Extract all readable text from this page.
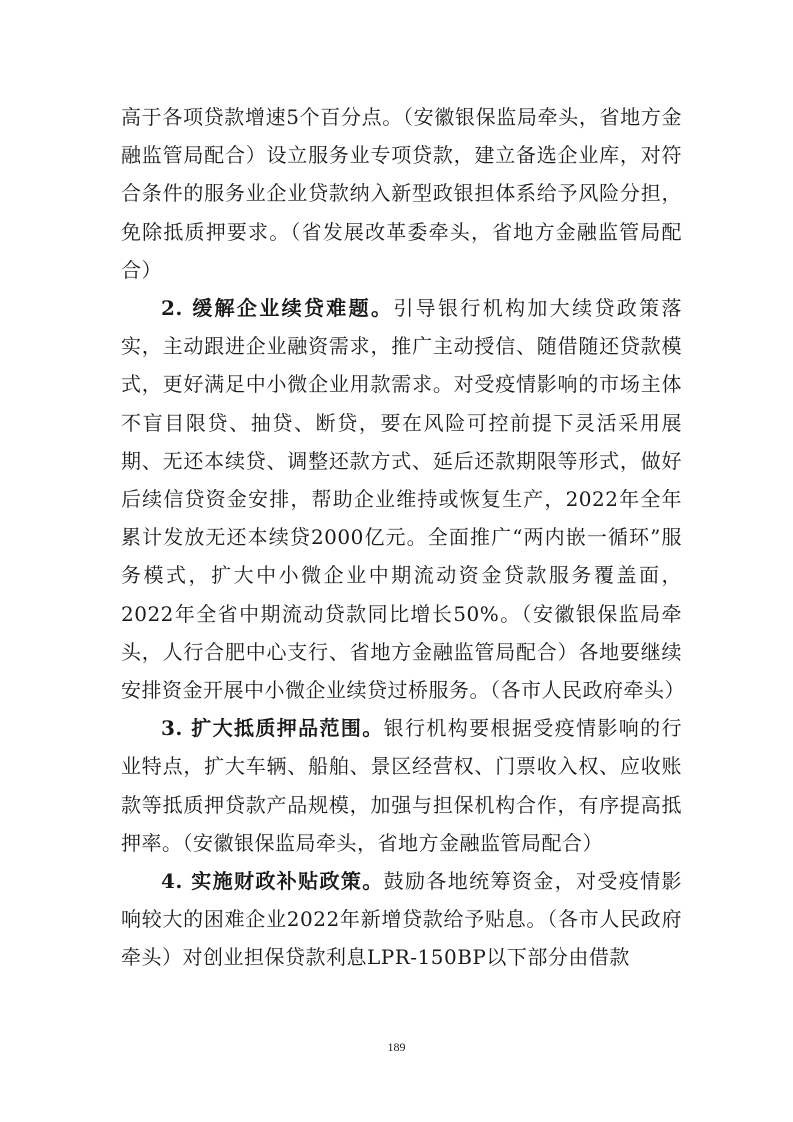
高于各项贷款增速5个百分点。（安徽银保监局牵头，省地方金融监管局配合）设立服务业专项贷款，建立备选企业库，对符合条件的服务业企业贷款纳入新型政银担体系给予风险分担，免除抵质押要求。（省发展改革委牵头，省地方金融监管局配合）

2. 缓解企业续贷难题。引导银行机构加大续贷政策落实，主动跟进企业融资需求，推广主动授信、随借随还贷款模式，更好满足中小微企业用款需求。对受疫情影响的市场主体不盲目限贷、抽贷、断贷，要在风险可控前提下灵活采用展期、无还本续贷、调整还款方式、延后还款期限等形式，做好后续信贷资金安排，帮助企业维持或恢复生产，2022年全年累计发放无还本续贷2000亿元。全面推广“两内嵌一循环”服务模式，扩大中小微企业中期流动资金贷款服务覆盖面，2022年全省中期流动贷款同比增长50%。（安徽银保监局牵头，人行合肥中心支行、省地方金融监管局配合）各地要继续安排资金开展中小微企业续贷过桥服务。（各市人民政府牵头）

3. 扩大抵质押品范围。银行机构要根据受疫情影响的行业特点，扩大车辆、船舶、景区经营权、门票收入权、应收账款等抵质押贷款产品规模，加强与担保机构合作，有序提高抵押率。（安徽银保监局牵头，省地方金融监管局配合）

4. 实施财政补贴政策。鼓励各地统筹资金，对受疫情影响较大的困难企业2022年新增贷款给予贴息。（各市人民政府牵头）对创业担保贷款利息LPR-150BP以下部分由借款

189
